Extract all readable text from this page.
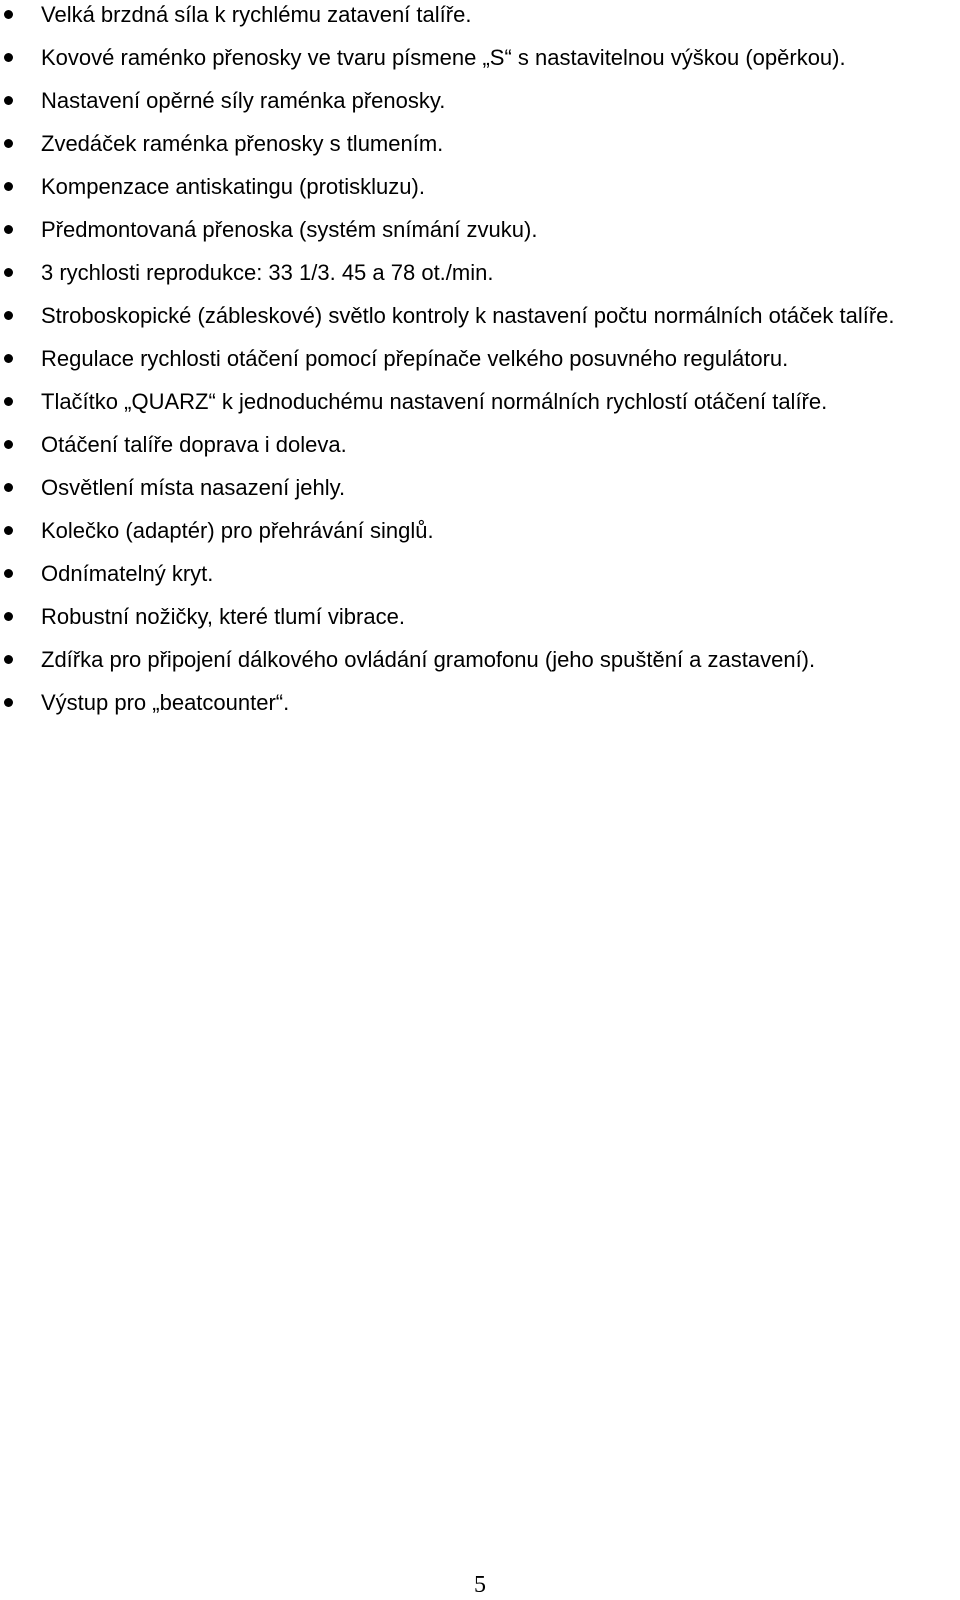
Velká brzdná síla k rychlému zatavení talíře.
Kovové raménko přenosky ve tvaru písmene „S“ s nastavitelnou výškou (opěrkou).
Nastavení opěrné síly raménka přenosky.
Zvedáček raménka přenosky s tlumením.
Kompenzace antiskatingu (protiskluzu).
Předmontovaná přenoska (systém snímání zvuku).
3 rychlosti reprodukce: 33 1/3. 45 a 78 ot./min.
Stroboskopické (zábleskové) světlo kontroly k nastavení počtu normálních otáček talíře.
Regulace rychlosti otáčení pomocí přepínače velkého posuvného regulátoru.
Tlačítko „QUARZ“ k jednoduchému nastavení normálních rychlostí otáčení talíře.
Otáčení talíře doprava i doleva.
Osvětlení místa nasazení jehly.
Kolečko (adaptér) pro přehrávání singlů.
Odnímatelný kryt.
Robustní nožičky, které tlumí vibrace.
Zdířka pro připojení dálkového ovládání gramofonu (jeho spuštění a zastavení).
Výstup pro „beatcounter“.
5
